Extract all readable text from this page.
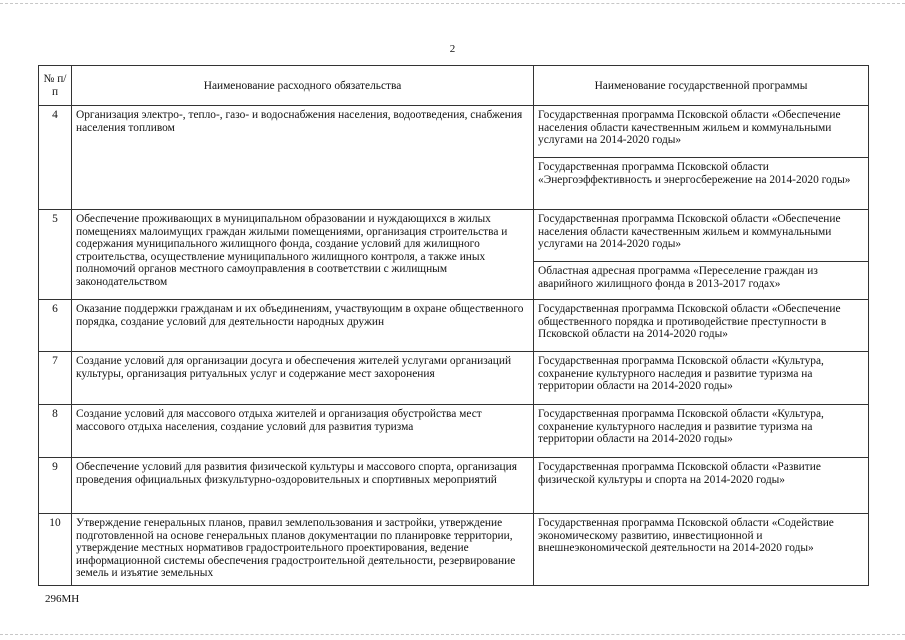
2
№ п/п	Наименование расходного обязательства	Наименование государственной программы
4	Организация электро-, тепло-, газо- и водоснабжения населения, водоотведения, снабжения населения топливом	Государственная программа Псковской области «Обеспечение населения области качественным жильем и коммунальными услугами на 2014-2020 годы»
		Государственная программа Псковской области «Энергоэффективность и энергосбережение на 2014-2020 годы»
5	Обеспечение проживающих в муниципальном образовании и нуждающихся в жилых помещениях малоимущих граждан жилыми помещениями, организация строительства и содержания муниципального жилищного фонда, создание условий для жилищного строительства, осуществление муниципального жилищного контроля, а также иных полномочий органов местного самоуправления в соответствии с жилищным законодательством	Государственная программа Псковской области «Обеспечение населения области качественным жильем и коммунальными услугами на 2014-2020 годы»
		Областная адресная программа «Переселение граждан из аварийного жилищного фонда в 2013-2017 годах»
6	Оказание поддержки гражданам и их объединениям, участвующим в охране общественного порядка, создание условий для деятельности народных дружин	Государственная программа Псковской области «Обеспечение общественного порядка и противодействие преступности в Псковской области на 2014-2020 годы»
7	Создание условий для организации досуга и обеспечения жителей услугами организаций культуры, организация ритуальных услуг и содержание мест захоронения	Государственная программа Псковской области «Культура, сохранение культурного наследия и развитие туризма на территории области на 2014-2020 годы»
8	Создание условий для массового отдыха жителей и организация обустройства мест массового отдыха населения, создание условий для развития туризма	Государственная программа Псковской области «Культура, сохранение культурного наследия и развитие туризма на территории области на 2014-2020 годы»
9	Обеспечение условий для развития физической культуры и массового спорта, организация проведения официальных физкультурно-оздоровительных и спортивных мероприятий	Государственная программа Псковской области «Развитие физической культуры и спорта на 2014-2020 годы»
10	Утверждение генеральных планов, правил землепользования и застройки, утверждение подготовленной на основе генеральных планов документации по планировке территории, утверждение местных нормативов градостроительного проектирования, ведение информационной системы обеспечения градостроительной деятельности, резервирование земель и изъятие земельных	Государственная программа Псковской области «Содействие экономическому развитию, инвестиционной и внешнеэкономической деятельности на 2014-2020 годы»
296МН
